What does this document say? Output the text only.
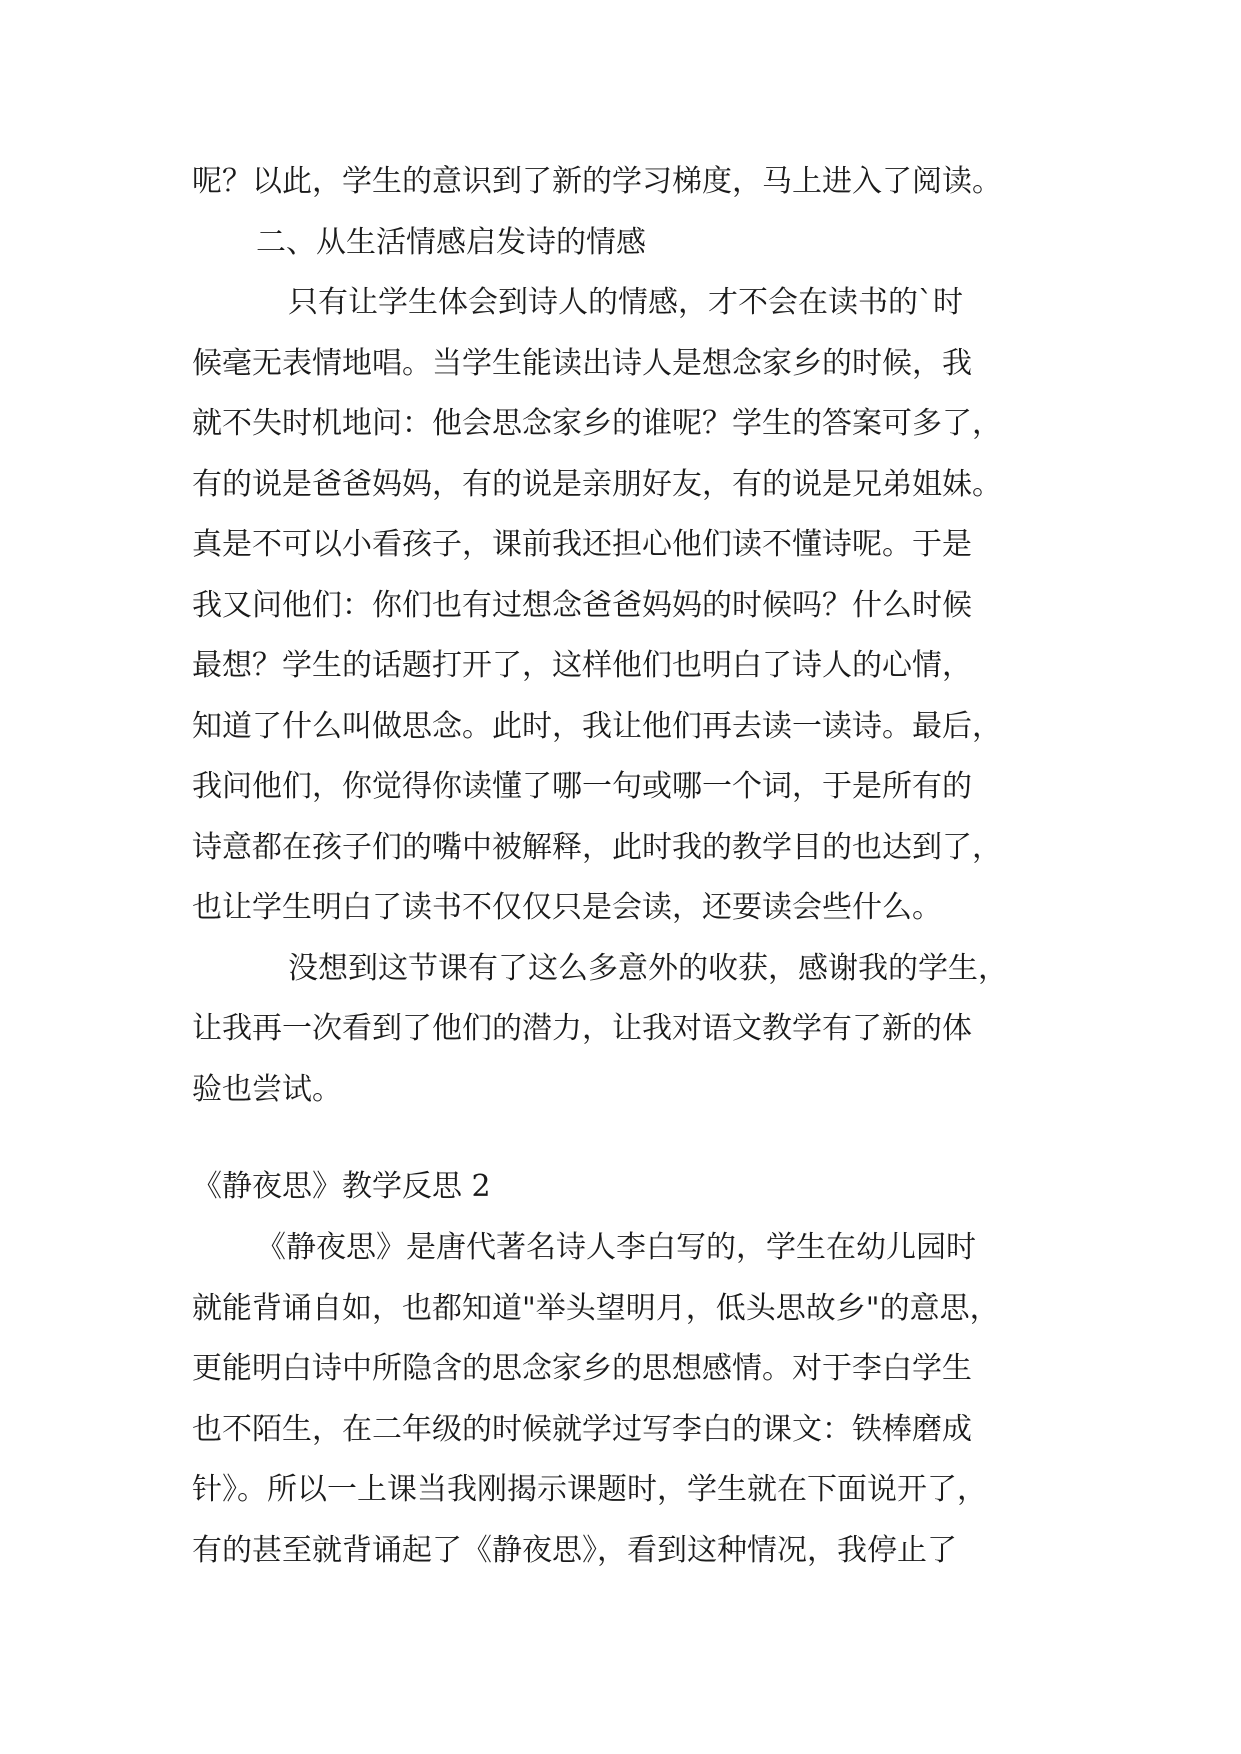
呢？以此，学生的意识到了新的学习梯度，马上进入了阅读。
二、从生活情感启发诗的情感
只有让学生体会到诗人的情感，才不会在读书的`时
候毫无表情地唱。当学生能读出诗人是想念家乡的时候，我
就不失时机地问：他会思念家乡的谁呢？学生的答案可多了，
有的说是爸爸妈妈，有的说是亲朋好友，有的说是兄弟姐妹。
真是不可以小看孩子，课前我还担心他们读不懂诗呢。于是
我又问他们：你们也有过想念爸爸妈妈的时候吗？什么时候
最想？学生的话题打开了，这样他们也明白了诗人的心情，
知道了什么叫做思念。此时，我让他们再去读一读诗。最后，
我问他们，你觉得你读懂了哪一句或哪一个词，于是所有的
诗意都在孩子们的嘴中被解释，此时我的教学目的也达到了，
也让学生明白了读书不仅仅只是会读，还要读会些什么。
没想到这节课有了这么多意外的收获，感谢我的学生，
让我再一次看到了他们的潜力，让我对语文教学有了新的体
验也尝试。
《静夜思》教学反思 2
《静夜思》是唐代著名诗人李白写的，学生在幼儿园时
就能背诵自如，也都知道"举头望明月，低头思故乡"的意思，
更能明白诗中所隐含的思念家乡的思想感情。对于李白学生
也不陌生，在二年级的时候就学过写李白的课文：铁棒磨成
针》。所以一上课当我刚揭示课题时，学生就在下面说开了，
有的甚至就背诵起了《静夜思》，看到这种情况，我停止了
